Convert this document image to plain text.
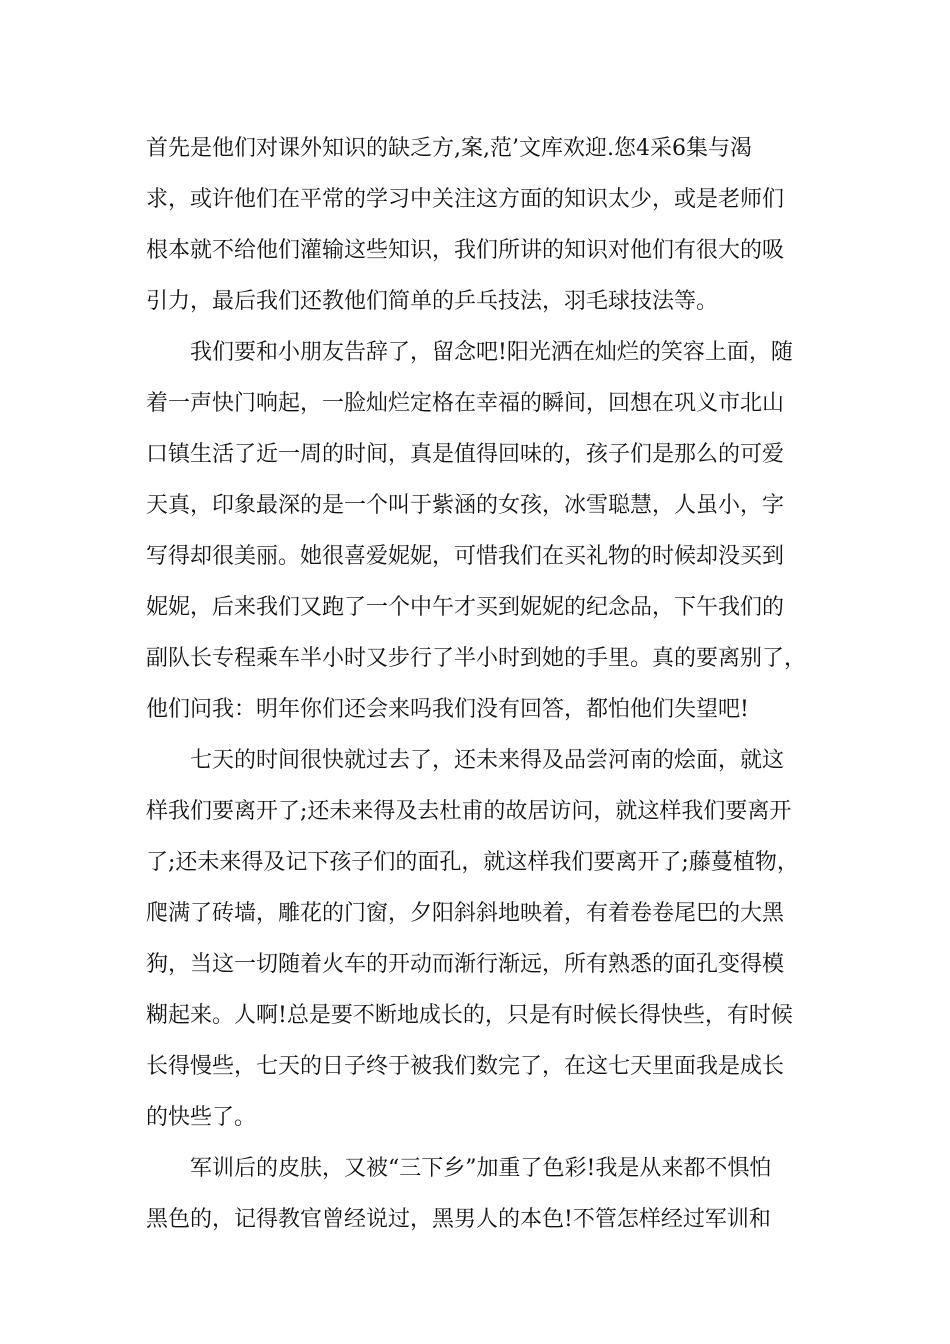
首先是他们对课外知识的缺乏方,案,范’文库欢迎.您4采6集与渴
求，或许他们在平常的学习中关注这方面的知识太少，或是老师们
根本就不给他们灌输这些知识，我们所讲的知识对他们有很大的吸
引力，最后我们还教他们简单的乒乓技法，羽毛球技法等。
我们要和小朋友告辞了，留念吧!阳光洒在灿烂的笑容上面，随
着一声快门响起，一脸灿烂定格在幸福的瞬间，回想在巩义市北山
口镇生活了近一周的时间，真是值得回味的，孩子们是那么的可爱
天真，印象最深的是一个叫于紫涵的女孩，冰雪聪慧，人虽小，字
写得却很美丽。她很喜爱妮妮，可惜我们在买礼物的时候却没买到
妮妮，后来我们又跑了一个中午才买到妮妮的纪念品，下午我们的
副队长专程乘车半小时又步行了半小时到她的手里。真的要离别了，
他们问我：明年你们还会来吗我们没有回答，都怕他们失望吧!
七天的时间很快就过去了，还未来得及品尝河南的烩面，就这
样我们要离开了;还未来得及去杜甫的故居访问，就这样我们要离开
了;还未来得及记下孩子们的面孔，就这样我们要离开了;藤蔓植物，
爬满了砖墙，雕花的门窗，夕阳斜斜地映着，有着卷卷尾巴的大黑
狗，当这一切随着火车的开动而渐行渐远，所有熟悉的面孔变得模
糊起来。人啊!总是要不断地成长的，只是有时候长得快些，有时候
长得慢些，七天的日子终于被我们数完了，在这七天里面我是成长
的快些了。
军训后的皮肤，又被“三下乡”加重了色彩!我是从来都不惧怕
黑色的，记得教官曾经说过，黑男人的本色!不管怎样经过军训和
